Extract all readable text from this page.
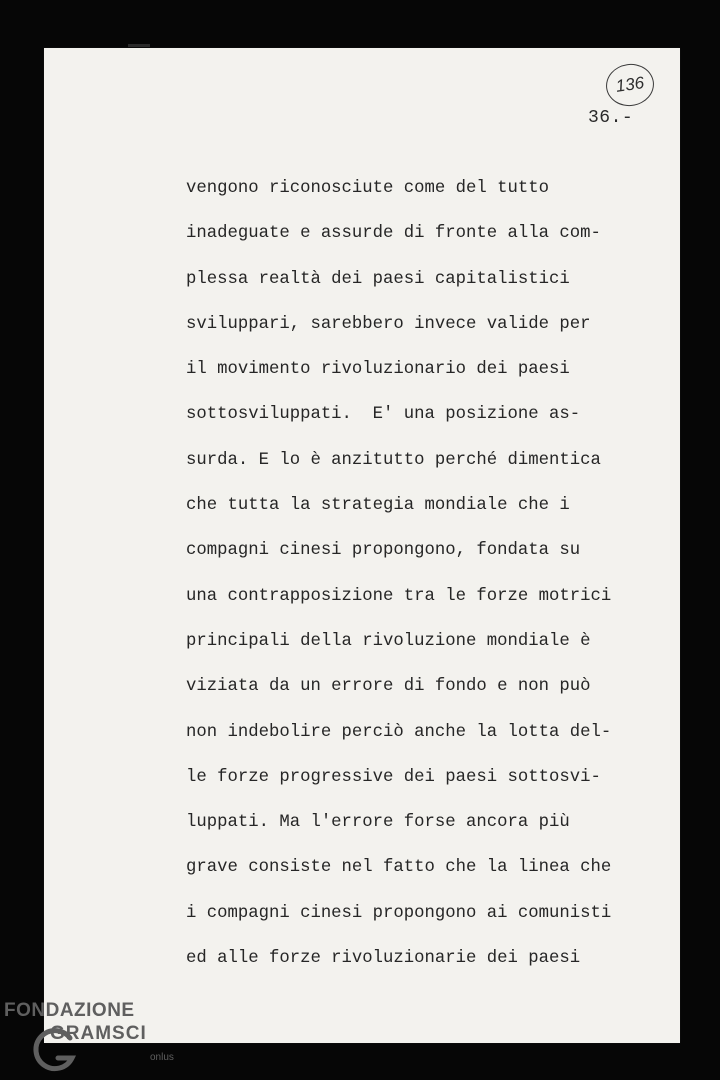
136
36.-
vengono riconosciute come del tutto
inadeguate e assurde di fronte alla com-
plessa realtà dei paesi capitalistici
sviluppari, sarebbero invece valide per
il movimento rivoluzionario dei paesi
sottosviluppati.  E' una posizione as-
surda. E lo è anzitutto perché dimentica
che tutta la strategia mondiale che i
compagni cinesi propongono, fondata su
una contrapposizione tra le forze motrici
principali della rivoluzione mondiale è
viziata da un errore di fondo e non può
non indebolire perciò anche la lotta del-
le forze progressive dei paesi sottosvi-
luppati. Ma l'errore forse ancora più
grave consiste nel fatto che la linea che
i compagni cinesi propongono ai comunisti
ed alle forze rivoluzionarie dei paesi
FONDAZIONE
GRAMSCI
onlus
